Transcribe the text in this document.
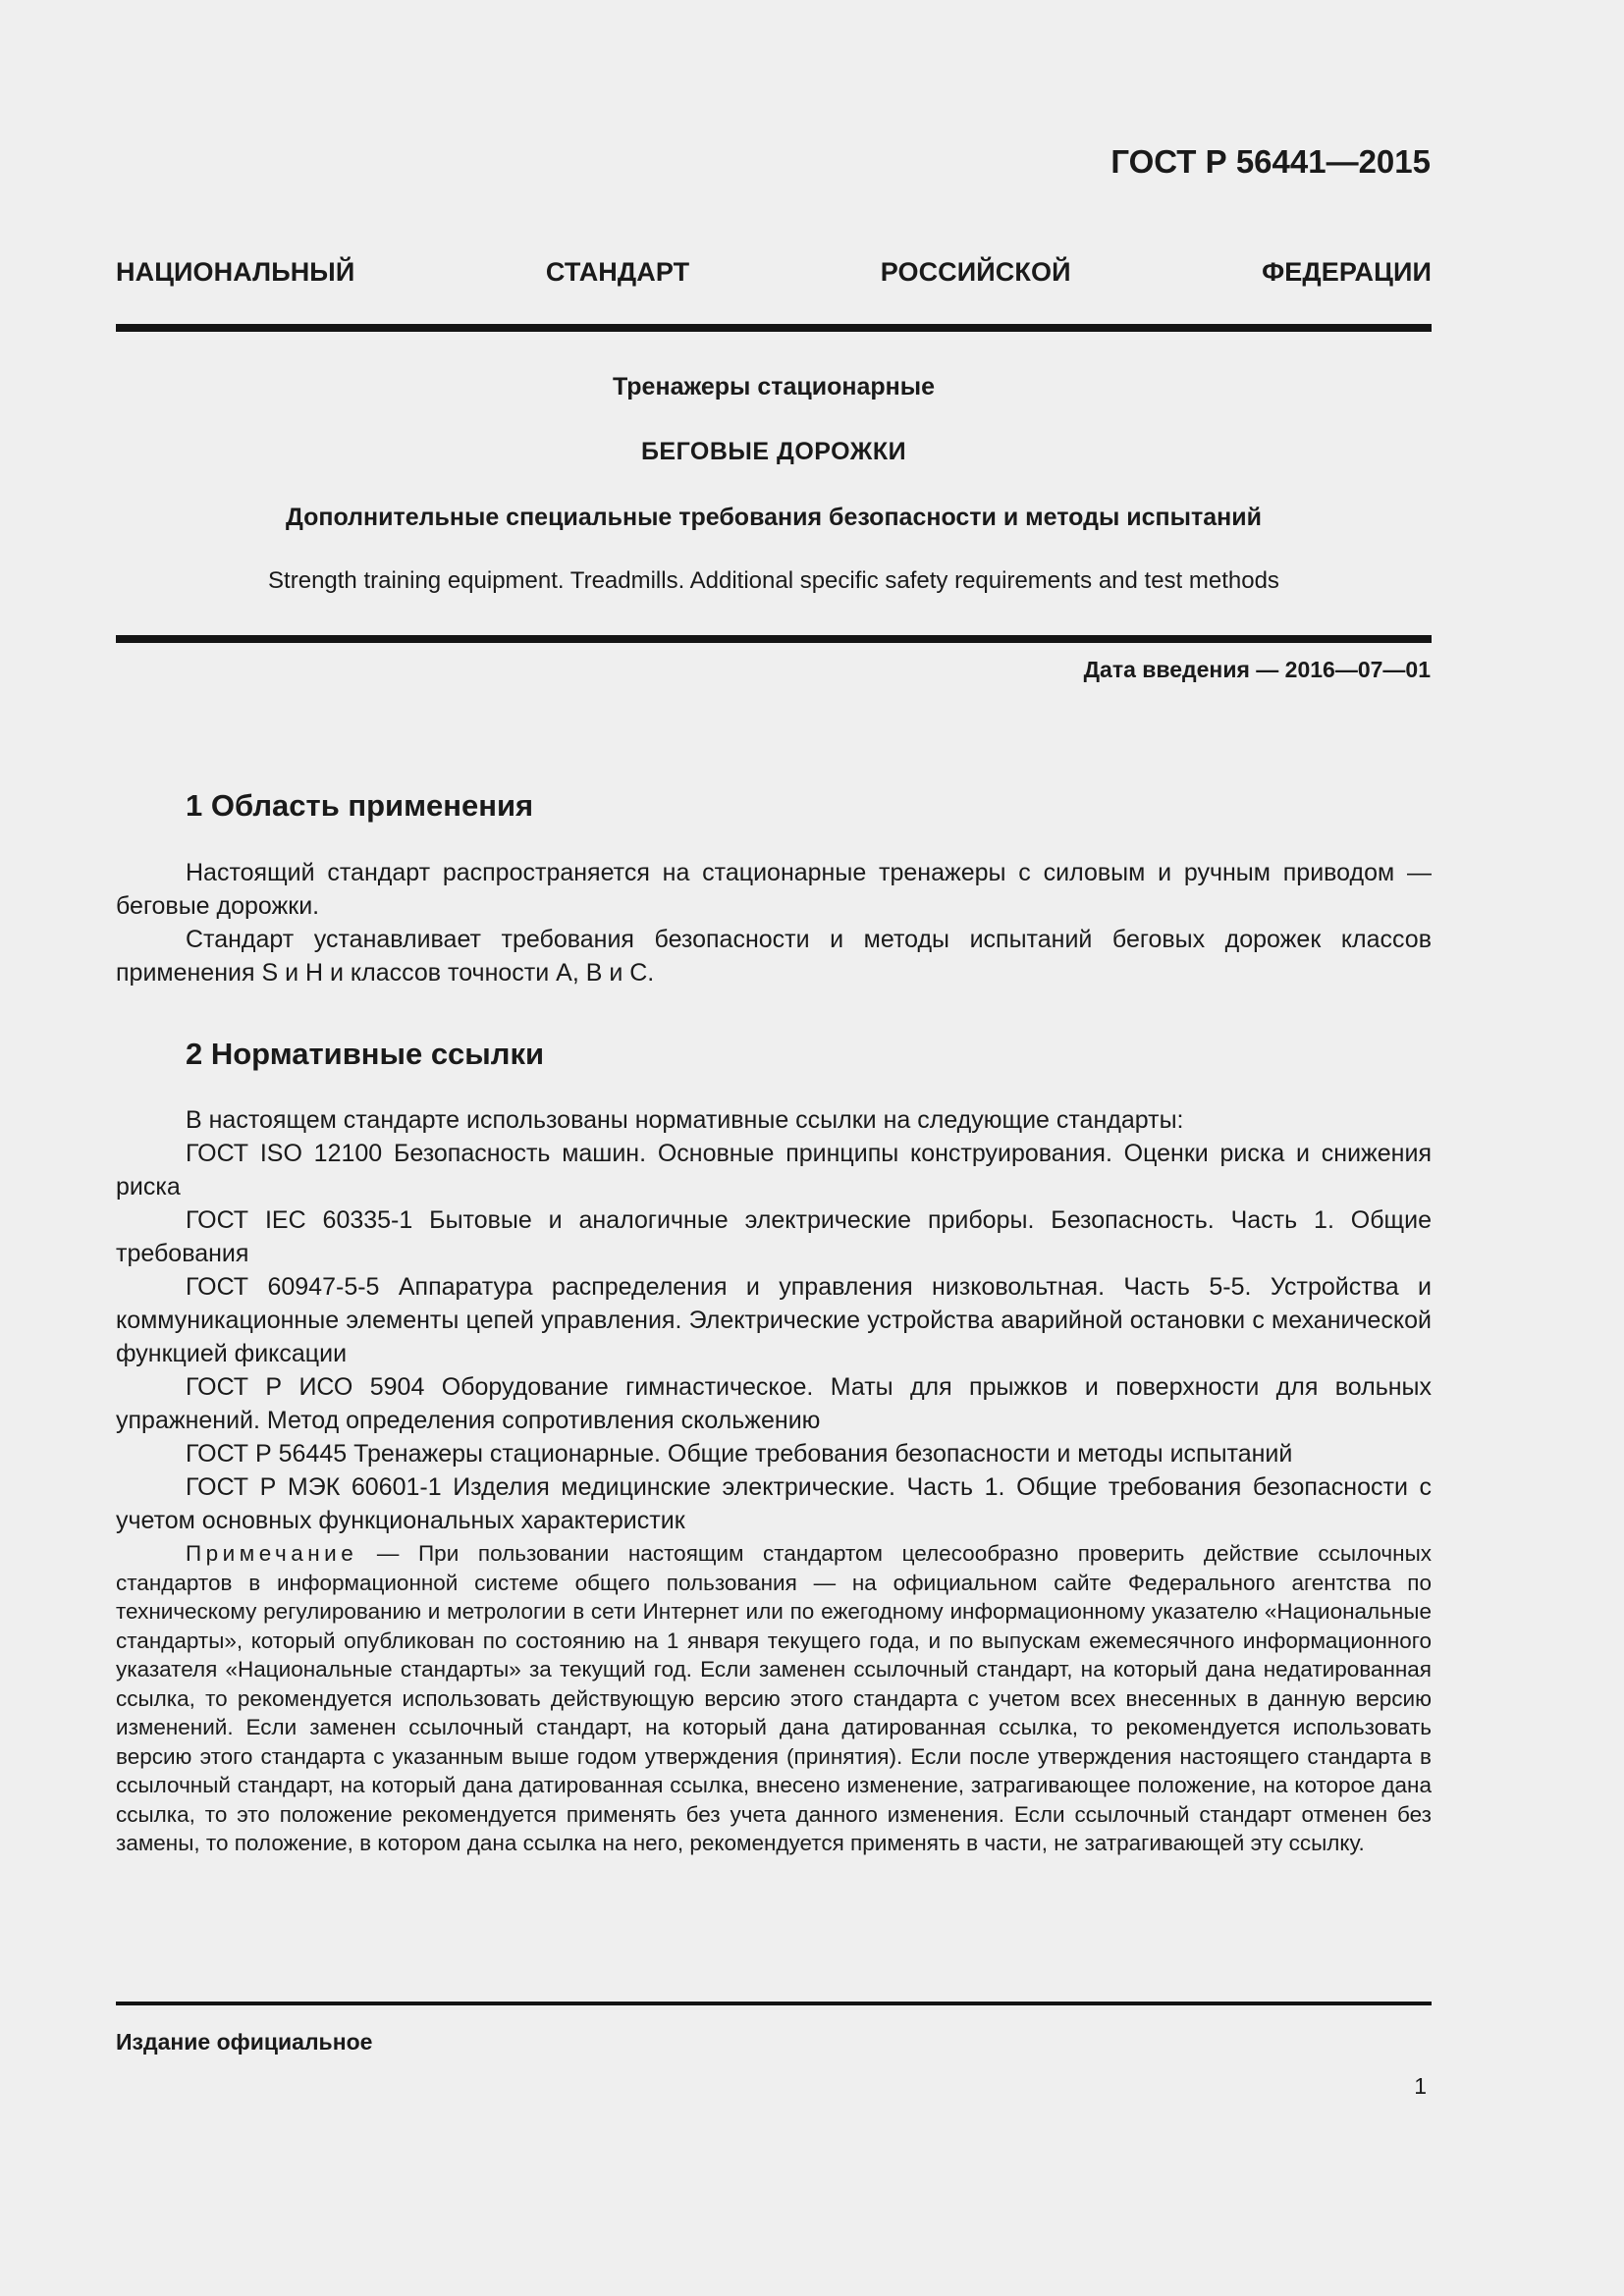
ГОСТ Р 56441—2015
НАЦИОНАЛЬНЫЙ СТАНДАРТ РОССИЙСКОЙ ФЕДЕРАЦИИ
Тренажеры стационарные
БЕГОВЫЕ ДОРОЖКИ
Дополнительные специальные требования безопасности и методы испытаний
Strength training equipment. Treadmills. Additional specific safety requirements and test methods
Дата введения — 2016—07—01
1 Область применения

Настоящий стандарт распространяется на стационарные тренажеры с силовым и ручным приводом — беговые дорожки.

Стандарт устанавливает требования безопасности и методы испытаний беговых дорожек классов применения S и H и классов точности A, B и C.

2 Нормативные ссылки

В настоящем стандарте использованы нормативные ссылки на следующие стандарты:

ГОСТ ISO 12100 Безопасность машин. Основные принципы конструирования. Оценки риска и снижения риска

ГОСТ IEC 60335-1 Бытовые и аналогичные электрические приборы. Безопасность. Часть 1. Общие требования

ГОСТ 60947-5-5 Аппаратура распределения и управления низковольтная. Часть 5-5. Устройства и коммуникационные элементы цепей управления. Электрические устройства аварийной остановки с механической функцией фиксации

ГОСТ Р ИСО 5904 Оборудование гимнастическое. Маты для прыжков и поверхности для вольных упражнений. Метод определения сопротивления скольжению

ГОСТ Р 56445 Тренажеры стационарные. Общие требования безопасности и методы испытаний

ГОСТ Р МЭК 60601-1 Изделия медицинские электрические. Часть 1. Общие требования безопасности с учетом основных функциональных характеристик

Примечание — При пользовании настоящим стандартом целесообразно проверить действие ссылочных стандартов в информационной системе общего пользования — на официальном сайте Федерального агентства по техническому регулированию и метрологии в сети Интернет или по ежегодному информационному указателю «Национальные стандарты», который опубликован по состоянию на 1 января текущего года, и по выпускам ежемесячного информационного указателя «Национальные стандарты» за текущий год. Если заменен ссылочный стандарт, на который дана недатированная ссылка, то рекомендуется использовать действующую версию этого стандарта с учетом всех внесенных в данную версию изменений. Если заменен ссылочный стандарт, на который дана датированная ссылка, то рекомендуется использовать версию этого стандарта с указанным выше годом утверждения (принятия). Если после утверждения настоящего стандарта в ссылочный стандарт, на который дана датированная ссылка, внесено изменение, затрагивающее положение, на которое дана ссылка, то это положение рекомендуется применять без учета данного изменения. Если ссылочный стандарт отменен без замены, то положение, в котором дана ссылка на него, рекомендуется применять в части, не затрагивающей эту ссылку.

Издание официальное
1
